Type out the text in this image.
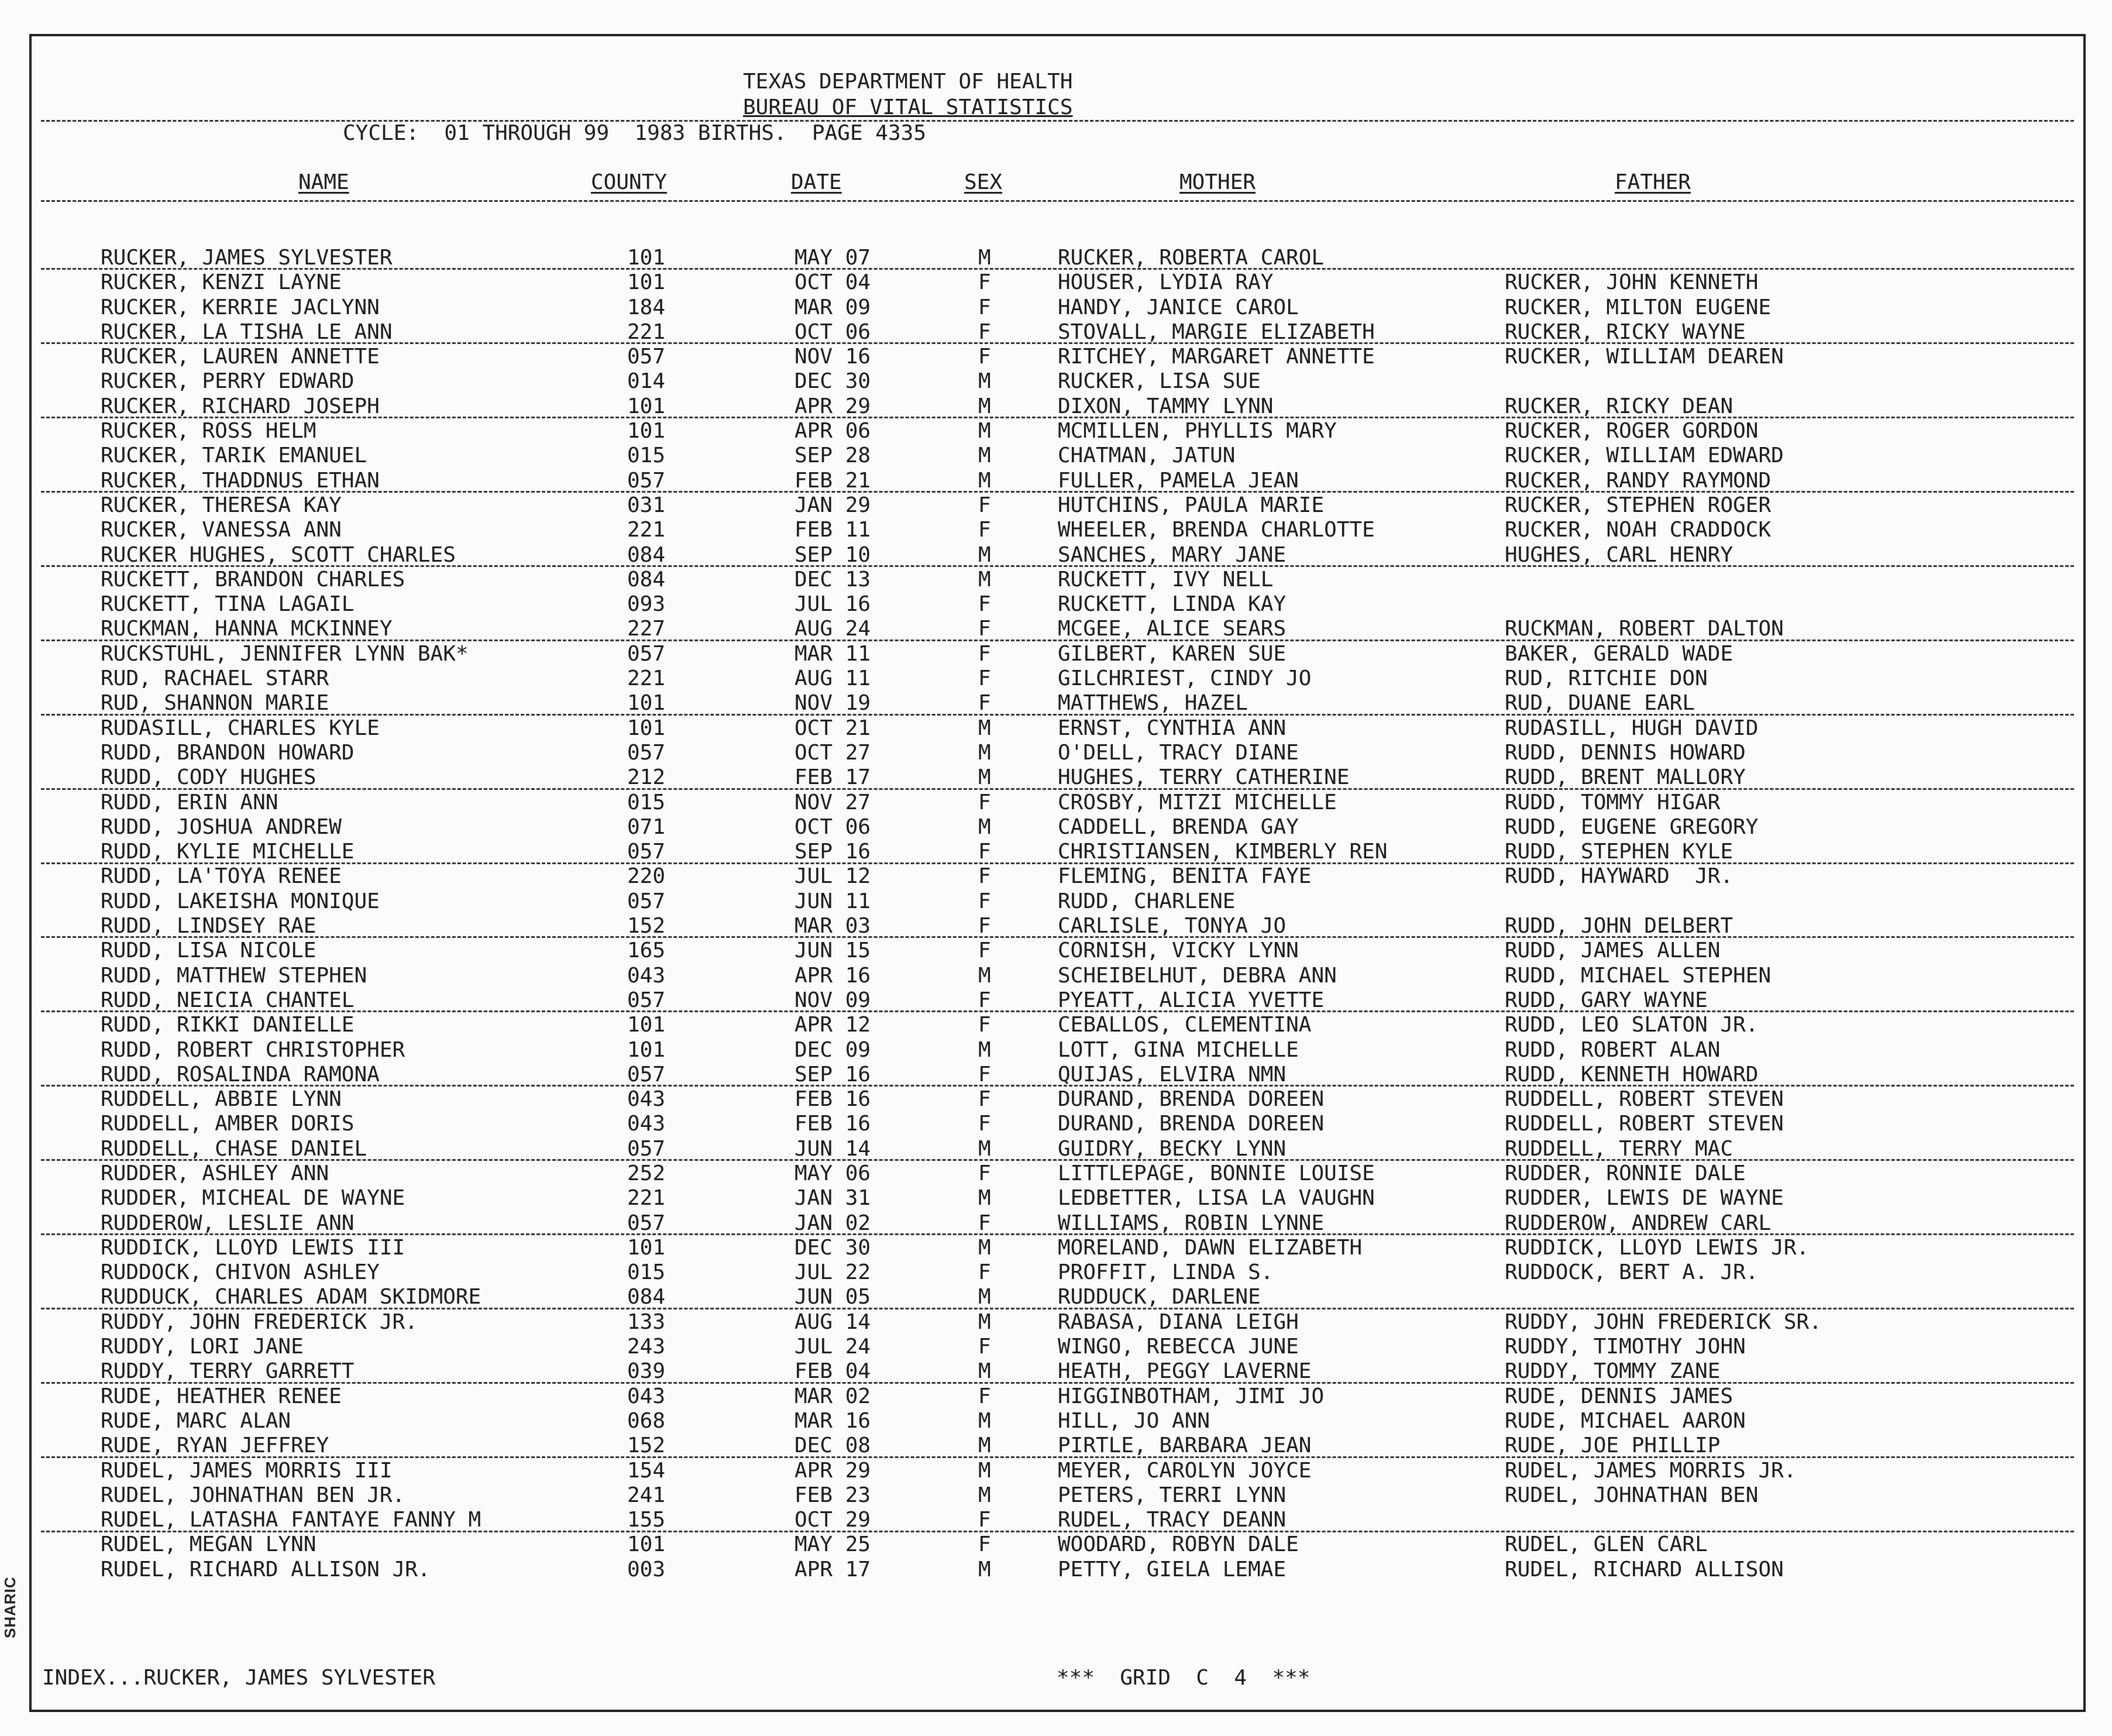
SHARIC
TEXAS DEPARTMENT OF HEALTH
BUREAU OF VITAL STATISTICS
CYCLE:  01 THROUGH 99  1983 BIRTHS.  PAGE 4335
NAME	COUNTY	DATE	SEX	MOTHER	FATHER
RUCKER, JAMES SYLVESTER	101	MAY 07	M	RUCKER, ROBERTA CAROL
RUCKER, KENZI LAYNE	101	OCT 04	F	HOUSER, LYDIA RAY	RUCKER, JOHN KENNETH
RUCKER, KERRIE JACLYNN	184	MAR 09	F	HANDY, JANICE CAROL	RUCKER, MILTON EUGENE
RUCKER, LA TISHA LE ANN	221	OCT 06	F	STOVALL, MARGIE ELIZABETH	RUCKER, RICKY WAYNE
RUCKER, LAUREN ANNETTE	057	NOV 16	F	RITCHEY, MARGARET ANNETTE	RUCKER, WILLIAM DEAREN
RUCKER, PERRY EDWARD	014	DEC 30	M	RUCKER, LISA SUE
RUCKER, RICHARD JOSEPH	101	APR 29	M	DIXON, TAMMY LYNN	RUCKER, RICKY DEAN
RUCKER, ROSS HELM	101	APR 06	M	MCMILLEN, PHYLLIS MARY	RUCKER, ROGER GORDON
RUCKER, TARIK EMANUEL	015	SEP 28	M	CHATMAN, JATUN	RUCKER, WILLIAM EDWARD
RUCKER, THADDNUS ETHAN	057	FEB 21	M	FULLER, PAMELA JEAN	RUCKER, RANDY RAYMOND
RUCKER, THERESA KAY	031	JAN 29	F	HUTCHINS, PAULA MARIE	RUCKER, STEPHEN ROGER
RUCKER, VANESSA ANN	221	FEB 11	F	WHEELER, BRENDA CHARLOTTE	RUCKER, NOAH CRADDOCK
RUCKER HUGHES, SCOTT CHARLES	084	SEP 10	M	SANCHES, MARY JANE	HUGHES, CARL HENRY
RUCKETT, BRANDON CHARLES	084	DEC 13	M	RUCKETT, IVY NELL
RUCKETT, TINA LAGAIL	093	JUL 16	F	RUCKETT, LINDA KAY
RUCKMAN, HANNA MCKINNEY	227	AUG 24	F	MCGEE, ALICE SEARS	RUCKMAN, ROBERT DALTON
RUCKSTUHL, JENNIFER LYNN BAK*	057	MAR 11	F	GILBERT, KAREN SUE	BAKER, GERALD WADE
RUD, RACHAEL STARR	221	AUG 11	F	GILCHRIEST, CINDY JO	RUD, RITCHIE DON
RUD, SHANNON MARIE	101	NOV 19	F	MATTHEWS, HAZEL	RUD, DUANE EARL
RUDASILL, CHARLES KYLE	101	OCT 21	M	ERNST, CYNTHIA ANN	RUDASILL, HUGH DAVID
RUDD, BRANDON HOWARD	057	OCT 27	M	O'DELL, TRACY DIANE	RUDD, DENNIS HOWARD
RUDD, CODY HUGHES	212	FEB 17	M	HUGHES, TERRY CATHERINE	RUDD, BRENT MALLORY
RUDD, ERIN ANN	015	NOV 27	F	CROSBY, MITZI MICHELLE	RUDD, TOMMY HIGAR
RUDD, JOSHUA ANDREW	071	OCT 06	M	CADDELL, BRENDA GAY	RUDD, EUGENE GREGORY
RUDD, KYLIE MICHELLE	057	SEP 16	F	CHRISTIANSEN, KIMBERLY REN	RUDD, STEPHEN KYLE
RUDD, LA'TOYA RENEE	220	JUL 12	F	FLEMING, BENITA FAYE	RUDD, HAYWARD  JR.
RUDD, LAKEISHA MONIQUE	057	JUN 11	F	RUDD, CHARLENE
RUDD, LINDSEY RAE	152	MAR 03	F	CARLISLE, TONYA JO	RUDD, JOHN DELBERT
RUDD, LISA NICOLE	165	JUN 15	F	CORNISH, VICKY LYNN	RUDD, JAMES ALLEN
RUDD, MATTHEW STEPHEN	043	APR 16	M	SCHEIBELHUT, DEBRA ANN	RUDD, MICHAEL STEPHEN
RUDD, NEICIA CHANTEL	057	NOV 09	F	PYEATT, ALICIA YVETTE	RUDD, GARY WAYNE
RUDD, RIKKI DANIELLE	101	APR 12	F	CEBALLOS, CLEMENTINA	RUDD, LEO SLATON JR.
RUDD, ROBERT CHRISTOPHER	101	DEC 09	M	LOTT, GINA MICHELLE	RUDD, ROBERT ALAN
RUDD, ROSALINDA RAMONA	057	SEP 16	F	QUIJAS, ELVIRA NMN	RUDD, KENNETH HOWARD
RUDDELL, ABBIE LYNN	043	FEB 16	F	DURAND, BRENDA DOREEN	RUDDELL, ROBERT STEVEN
RUDDELL, AMBER DORIS	043	FEB 16	F	DURAND, BRENDA DOREEN	RUDDELL, ROBERT STEVEN
RUDDELL, CHASE DANIEL	057	JUN 14	M	GUIDRY, BECKY LYNN	RUDDELL, TERRY MAC
RUDDER, ASHLEY ANN	252	MAY 06	F	LITTLEPAGE, BONNIE LOUISE	RUDDER, RONNIE DALE
RUDDER, MICHEAL DE WAYNE	221	JAN 31	M	LEDBETTER, LISA LA VAUGHN	RUDDER, LEWIS DE WAYNE
RUDDEROW, LESLIE ANN	057	JAN 02	F	WILLIAMS, ROBIN LYNNE	RUDDEROW, ANDREW CARL
RUDDICK, LLOYD LEWIS III	101	DEC 30	M	MORELAND, DAWN ELIZABETH	RUDDICK, LLOYD LEWIS JR.
RUDDOCK, CHIVON ASHLEY	015	JUL 22	F	PROFFIT, LINDA S.	RUDDOCK, BERT A. JR.
RUDDUCK, CHARLES ADAM SKIDMORE	084	JUN 05	M	RUDDUCK, DARLENE
RUDDY, JOHN FREDERICK JR.	133	AUG 14	M	RABASA, DIANA LEIGH	RUDDY, JOHN FREDERICK SR.
RUDDY, LORI JANE	243	JUL 24	F	WINGO, REBECCA JUNE	RUDDY, TIMOTHY JOHN
RUDDY, TERRY GARRETT	039	FEB 04	M	HEATH, PEGGY LAVERNE	RUDDY, TOMMY ZANE
RUDE, HEATHER RENEE	043	MAR 02	F	HIGGINBOTHAM, JIMI JO	RUDE, DENNIS JAMES
RUDE, MARC ALAN	068	MAR 16	M	HILL, JO ANN	RUDE, MICHAEL AARON
RUDE, RYAN JEFFREY	152	DEC 08	M	PIRTLE, BARBARA JEAN	RUDE, JOE PHILLIP
RUDEL, JAMES MORRIS III	154	APR 29	M	MEYER, CAROLYN JOYCE	RUDEL, JAMES MORRIS JR.
RUDEL, JOHNATHAN BEN JR.	241	FEB 23	M	PETERS, TERRI LYNN	RUDEL, JOHNATHAN BEN
RUDEL, LATASHA FANTAYE FANNY M	155	OCT 29	F	RUDEL, TRACY DEANN
RUDEL, MEGAN LYNN	101	MAY 25	F	WOODARD, ROBYN DALE	RUDEL, GLEN CARL
RUDEL, RICHARD ALLISON JR.	003	APR 17	M	PETTY, GIELA LEMAE	RUDEL, RICHARD ALLISON
INDEX...RUCKER, JAMES SYLVESTER	***  GRID  C  4  ***
